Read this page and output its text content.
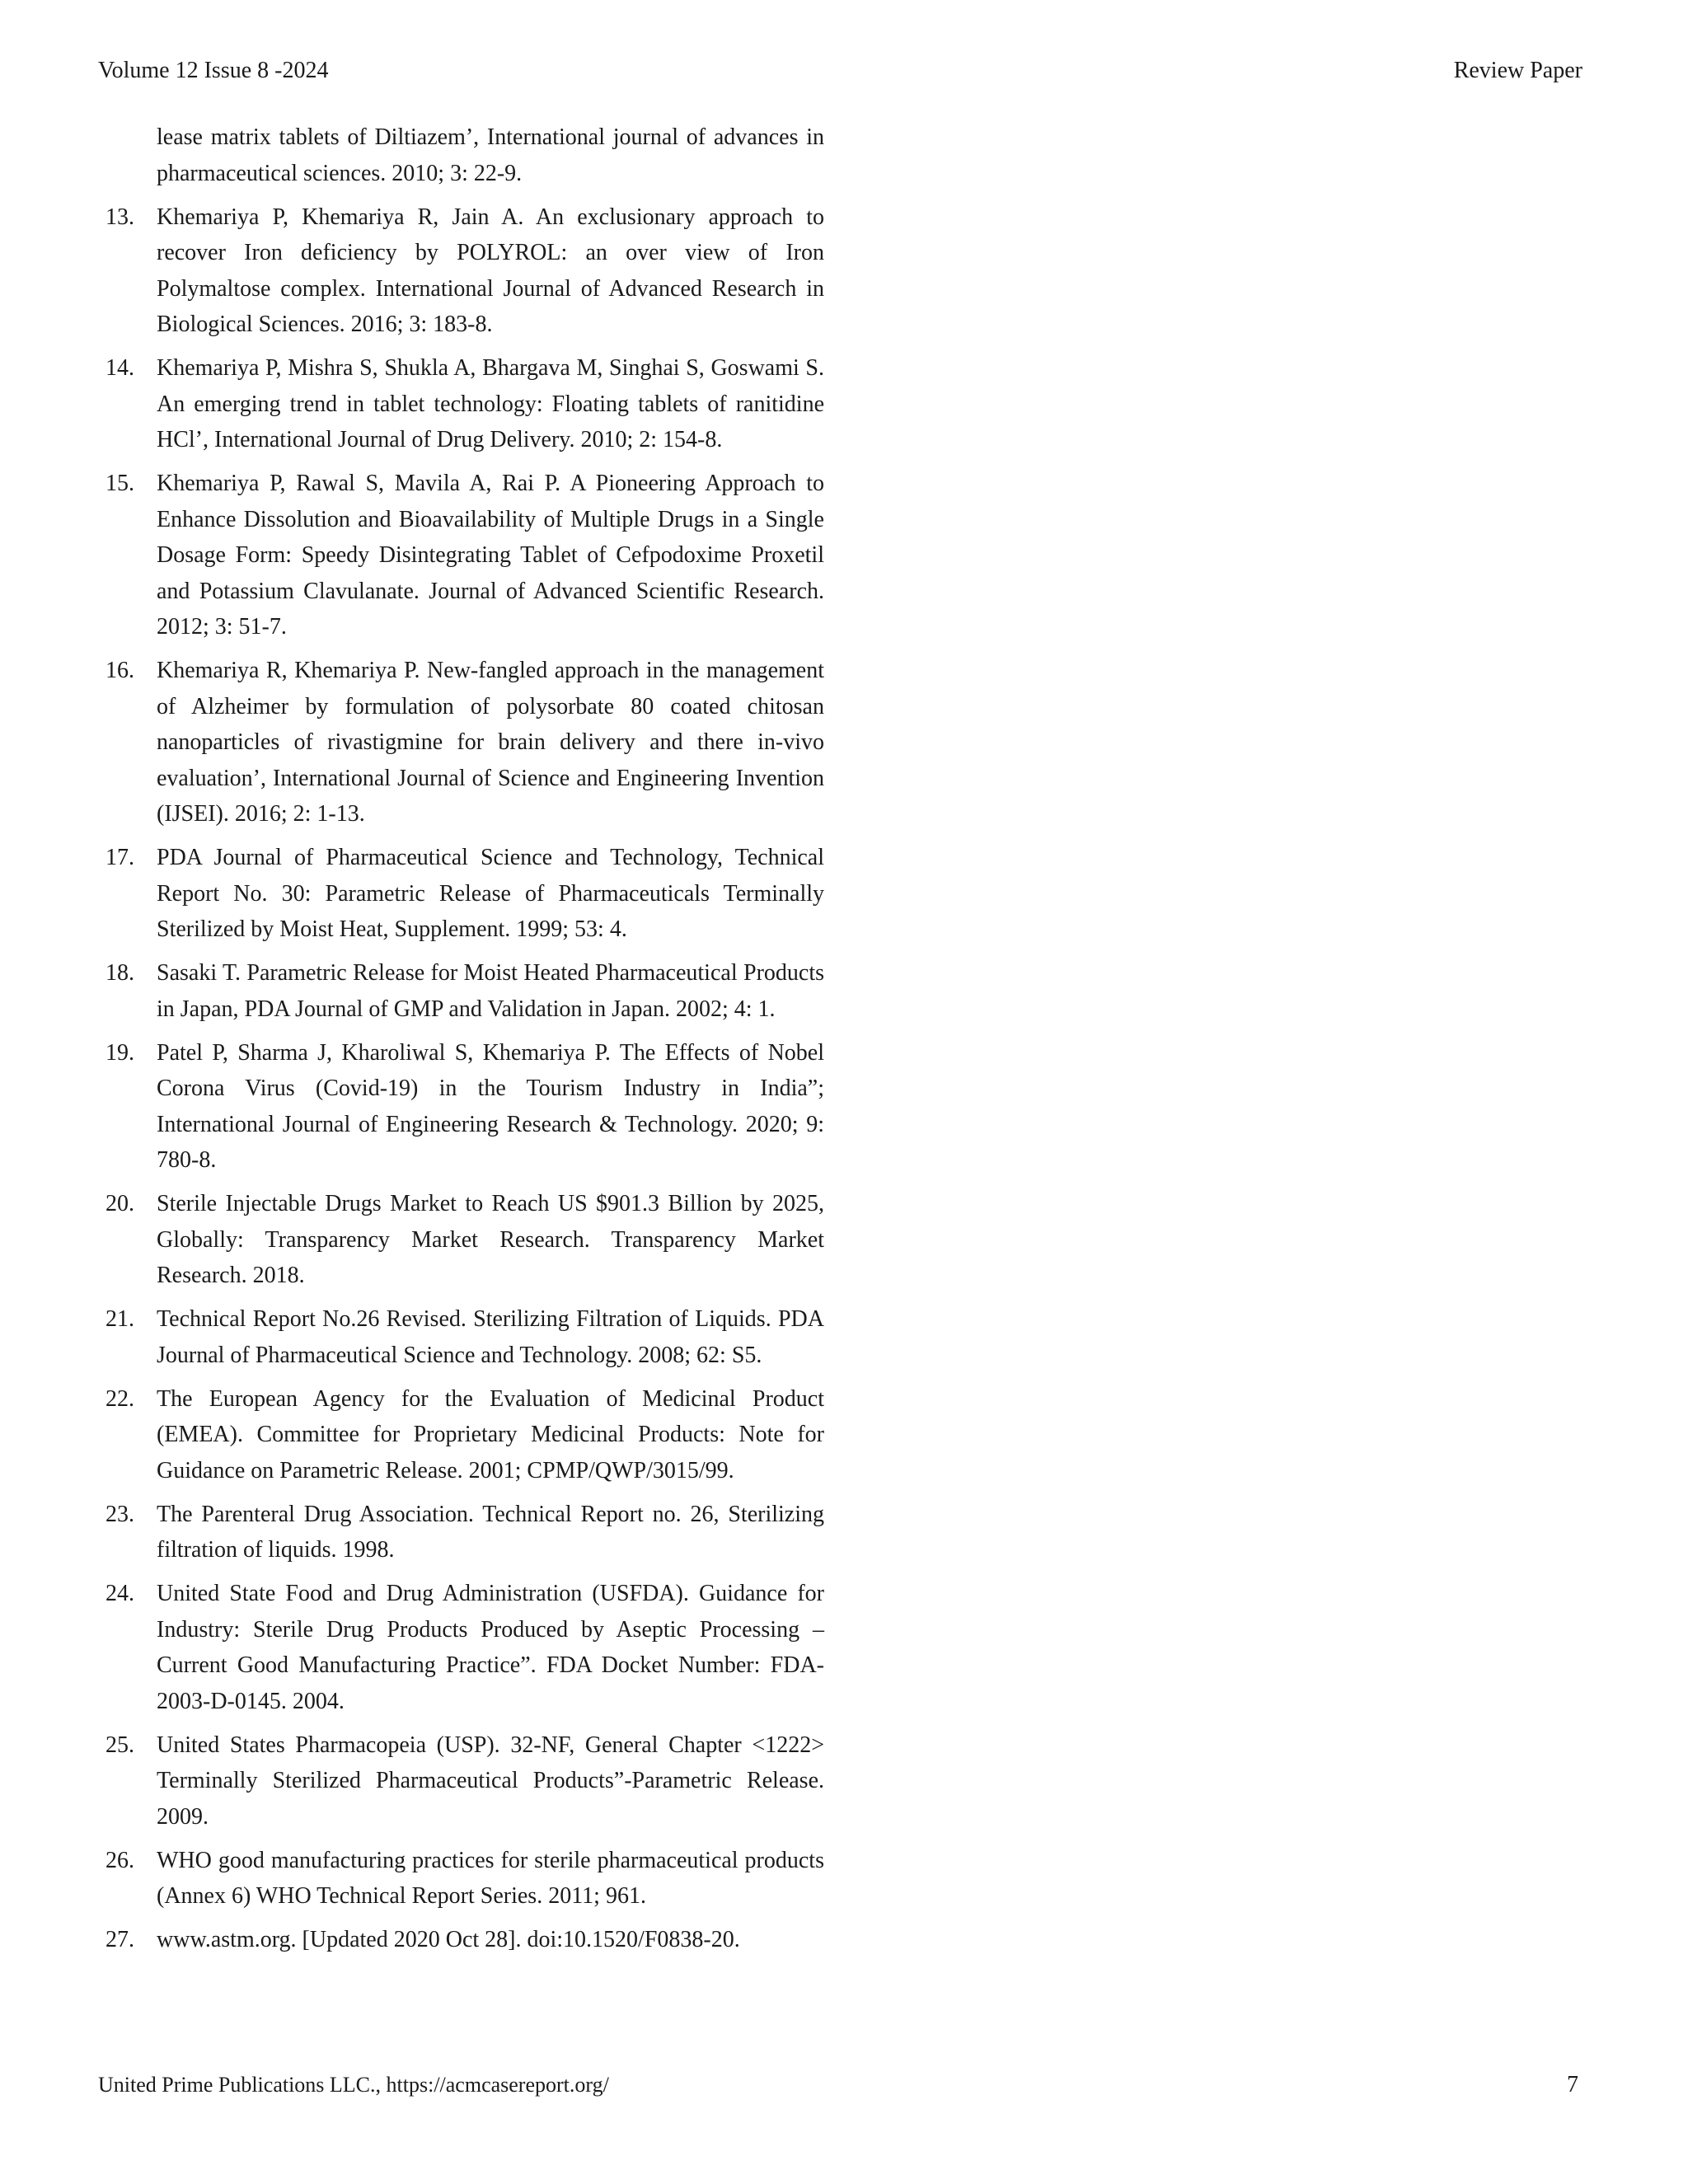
Volume 12 Issue 8 -2024	Review Paper
lease matrix tablets of Diltiazem’, International journal of advances in pharmaceutical sciences. 2010; 3: 22-9.
13. Khemariya P, Khemariya R, Jain A. An exclusionary approach to recover Iron deficiency by POLYROL: an over view of Iron Polymaltose complex. International Journal of Advanced Research in Biological Sciences. 2016; 3: 183-8.
14. Khemariya P, Mishra S, Shukla A, Bhargava M, Singhai S, Goswami S. An emerging trend in tablet technology: Floating tablets of ranitidine HCl’, International Journal of Drug Delivery. 2010; 2: 154-8.
15. Khemariya P, Rawal S, Mavila A, Rai P. A Pioneering Approach to Enhance Dissolution and Bioavailability of Multiple Drugs in a Single Dosage Form: Speedy Disintegrating Tablet of Cefpodoxime Proxetil and Potassium Clavulanate. Journal of Advanced Scientific Research. 2012; 3: 51-7.
16. Khemariya R, Khemariya P. New-fangled approach in the management of Alzheimer by formulation of polysorbate 80 coated chitosan nanoparticles of rivastigmine for brain delivery and there in-vivo evaluation’, International Journal of Science and Engineering Invention (IJSEI). 2016; 2: 1-13.
17. PDA Journal of Pharmaceutical Science and Technology, Technical Report No. 30: Parametric Release of Pharmaceuticals Terminally Sterilized by Moist Heat, Supplement. 1999; 53: 4.
18. Sasaki T. Parametric Release for Moist Heated Pharmaceutical Products in Japan, PDA Journal of GMP and Validation in Japan. 2002; 4: 1.
19. Patel P, Sharma J, Kharoliwal S, Khemariya P. The Effects of Nobel Corona Virus (Covid-19) in the Tourism Industry in India”; International Journal of Engineering Research & Technology. 2020; 9: 780-8.
20. Sterile Injectable Drugs Market to Reach US $901.3 Billion by 2025, Globally: Transparency Market Research. Transparency Market Research. 2018.
21. Technical Report No.26 Revised. Sterilizing Filtration of Liquids. PDA Journal of Pharmaceutical Science and Technology. 2008; 62: S5.
22. The European Agency for the Evaluation of Medicinal Product (EMEA). Committee for Proprietary Medicinal Products: Note for Guidance on Parametric Release. 2001; CPMP/QWP/3015/99.
23. The Parenteral Drug Association. Technical Report no. 26, Sterilizing filtration of liquids. 1998.
24. United State Food and Drug Administration (USFDA). Guidance for Industry: Sterile Drug Products Produced by Aseptic Processing – Current Good Manufacturing Practice”. FDA Docket Number: FDA-2003-D-0145. 2004.
25. United States Pharmacopeia (USP). 32-NF, General Chapter <1222> Terminally Sterilized Pharmaceutical Products”-Parametric Release. 2009.
26. WHO good manufacturing practices for sterile pharmaceutical products (Annex 6) WHO Technical Report Series. 2011; 961.
27. www.astm.org. [Updated 2020 Oct 28]. doi:10.1520/F0838-20.
United Prime Publications LLC., https://acmcasereport.org/	7
